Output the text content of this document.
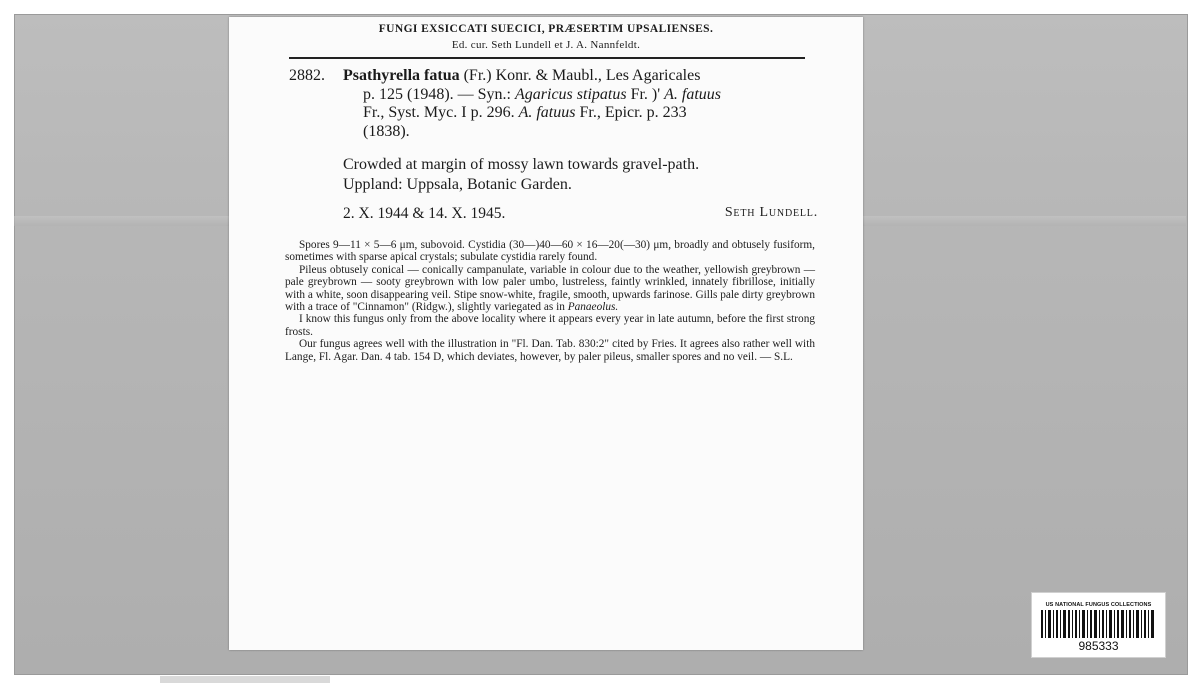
FUNGI EXSICCATI SUECICI, PRÆSERTIM UPSALIENSES.
Ed. cur. Seth Lundell et J. A. Nannfeldt.
2882.	Psathyrella fatua (Fr.) Konr. & Maubl., Les Agaricales
p. 125 (1948). — Syn.: Agaricus stipatus Fr. )' A. fatuus
Fr., Syst. Myc. I p. 296. A. fatuus Fr., Epicr. p. 233
(1838).
Crowded at margin of mossy lawn towards gravel-path.
Uppland: Uppsala, Botanic Garden.
2. X. 1944 & 14. X. 1945.	Seth Lundell.

Spores 9—11 × 5—6 μm, subovoid. Cystidia (30—)40—60 × 16—20(—30) μm, broadly and obtusely fusiform, sometimes with sparse apical crystals; subulate cystidia rarely found.

Pileus obtusely conical — conically campanulate, variable in colour due to the weather, yellowish greybrown — pale greybrown — sooty greybrown with low paler umbo, lustreless, faintly wrinkled, innately fibrillose, initially with a white, soon disappearing veil. Stipe snow-white, fragile, smooth, upwards farinose. Gills pale dirty greybrown with a trace of "Cinnamon" (Ridgw.), slightly variegated as in Panaeolus.

I know this fungus only from the above locality where it appears every year in late autumn, before the first strong frosts.

Our fungus agrees well with the illustration in "Fl. Dan. Tab. 830:2" cited by Fries. It agrees also rather well with Lange, Fl. Agar. Dan. 4 tab. 154 D, which deviates, however, by paler pileus, smaller spores and no veil. — S.L.

US NATIONAL FUNGUS COLLECTIONS
985333
